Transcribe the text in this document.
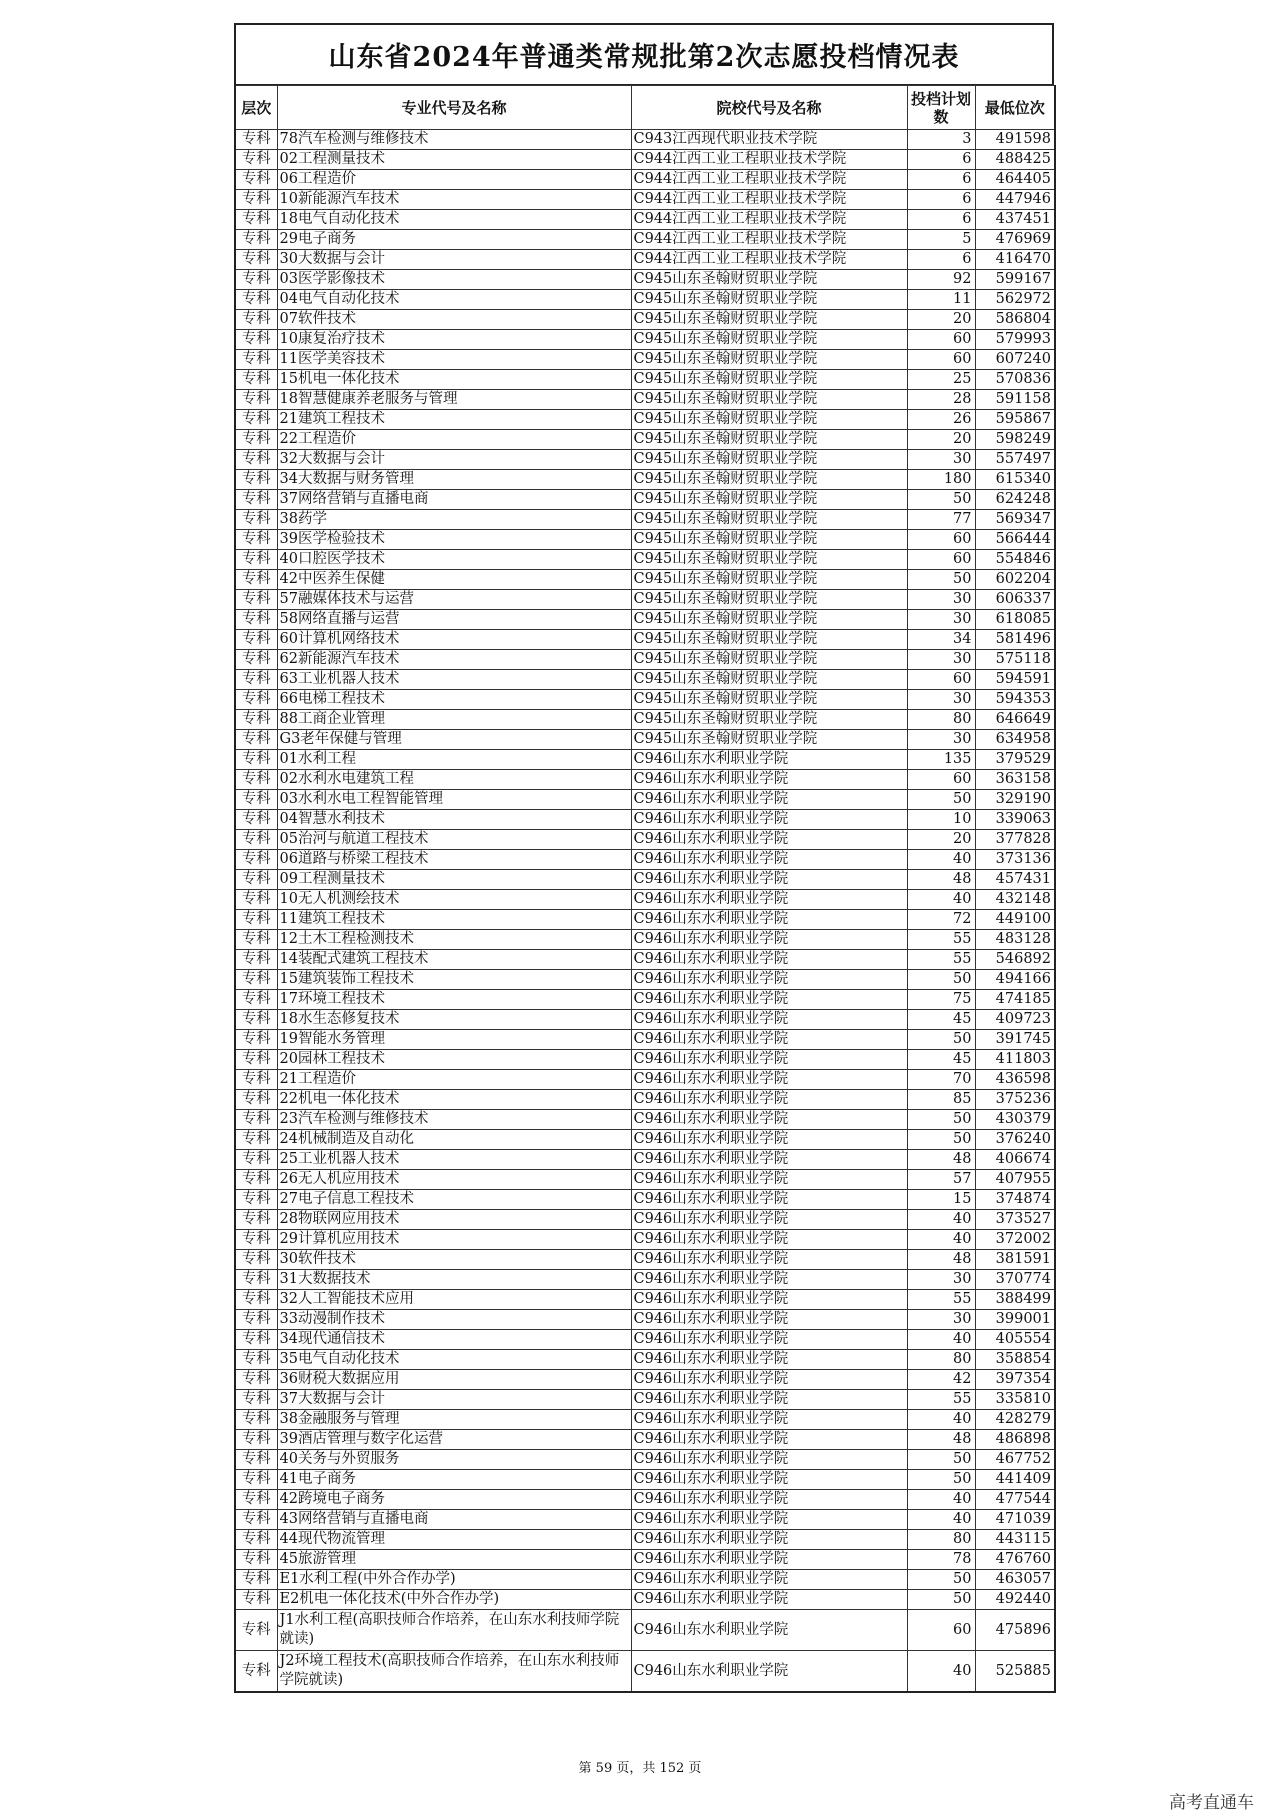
山东省2024年普通类常规批第2次志愿投档情况表
层次	专业代号及名称	院校代号及名称	投档计划数	最低位次
专科	78汽车检测与维修技术	C943江西现代职业技术学院	3	491598
专科	02工程测量技术	C944江西工业工程职业技术学院	6	488425
专科	06工程造价	C944江西工业工程职业技术学院	6	464405
专科	10新能源汽车技术	C944江西工业工程职业技术学院	6	447946
专科	18电气自动化技术	C944江西工业工程职业技术学院	6	437451
专科	29电子商务	C944江西工业工程职业技术学院	5	476969
专科	30大数据与会计	C944江西工业工程职业技术学院	6	416470
专科	03医学影像技术	C945山东圣翰财贸职业学院	92	599167
专科	04电气自动化技术	C945山东圣翰财贸职业学院	11	562972
专科	07软件技术	C945山东圣翰财贸职业学院	20	586804
专科	10康复治疗技术	C945山东圣翰财贸职业学院	60	579993
专科	11医学美容技术	C945山东圣翰财贸职业学院	60	607240
专科	15机电一体化技术	C945山东圣翰财贸职业学院	25	570836
专科	18智慧健康养老服务与管理	C945山东圣翰财贸职业学院	28	591158
专科	21建筑工程技术	C945山东圣翰财贸职业学院	26	595867
专科	22工程造价	C945山东圣翰财贸职业学院	20	598249
专科	32大数据与会计	C945山东圣翰财贸职业学院	30	557497
专科	34大数据与财务管理	C945山东圣翰财贸职业学院	180	615340
专科	37网络营销与直播电商	C945山东圣翰财贸职业学院	50	624248
专科	38药学	C945山东圣翰财贸职业学院	77	569347
专科	39医学检验技术	C945山东圣翰财贸职业学院	60	566444
专科	40口腔医学技术	C945山东圣翰财贸职业学院	60	554846
专科	42中医养生保健	C945山东圣翰财贸职业学院	50	602204
专科	57融媒体技术与运营	C945山东圣翰财贸职业学院	30	606337
专科	58网络直播与运营	C945山东圣翰财贸职业学院	30	618085
专科	60计算机网络技术	C945山东圣翰财贸职业学院	34	581496
专科	62新能源汽车技术	C945山东圣翰财贸职业学院	30	575118
专科	63工业机器人技术	C945山东圣翰财贸职业学院	60	594591
专科	66电梯工程技术	C945山东圣翰财贸职业学院	30	594353
专科	88工商企业管理	C945山东圣翰财贸职业学院	80	646649
专科	G3老年保健与管理	C945山东圣翰财贸职业学院	30	634958
专科	01水利工程	C946山东水利职业学院	135	379529
专科	02水利水电建筑工程	C946山东水利职业学院	60	363158
专科	03水利水电工程智能管理	C946山东水利职业学院	50	329190
专科	04智慧水利技术	C946山东水利职业学院	10	339063
专科	05治河与航道工程技术	C946山东水利职业学院	20	377828
专科	06道路与桥梁工程技术	C946山东水利职业学院	40	373136
专科	09工程测量技术	C946山东水利职业学院	48	457431
专科	10无人机测绘技术	C946山东水利职业学院	40	432148
专科	11建筑工程技术	C946山东水利职业学院	72	449100
专科	12土木工程检测技术	C946山东水利职业学院	55	483128
专科	14装配式建筑工程技术	C946山东水利职业学院	55	546892
专科	15建筑装饰工程技术	C946山东水利职业学院	50	494166
专科	17环境工程技术	C946山东水利职业学院	75	474185
专科	18水生态修复技术	C946山东水利职业学院	45	409723
专科	19智能水务管理	C946山东水利职业学院	50	391745
专科	20园林工程技术	C946山东水利职业学院	45	411803
专科	21工程造价	C946山东水利职业学院	70	436598
专科	22机电一体化技术	C946山东水利职业学院	85	375236
专科	23汽车检测与维修技术	C946山东水利职业学院	50	430379
专科	24机械制造及自动化	C946山东水利职业学院	50	376240
专科	25工业机器人技术	C946山东水利职业学院	48	406674
专科	26无人机应用技术	C946山东水利职业学院	57	407955
专科	27电子信息工程技术	C946山东水利职业学院	15	374874
专科	28物联网应用技术	C946山东水利职业学院	40	373527
专科	29计算机应用技术	C946山东水利职业学院	40	372002
专科	30软件技术	C946山东水利职业学院	48	381591
专科	31大数据技术	C946山东水利职业学院	30	370774
专科	32人工智能技术应用	C946山东水利职业学院	55	388499
专科	33动漫制作技术	C946山东水利职业学院	30	399001
专科	34现代通信技术	C946山东水利职业学院	40	405554
专科	35电气自动化技术	C946山东水利职业学院	80	358854
专科	36财税大数据应用	C946山东水利职业学院	42	397354
专科	37大数据与会计	C946山东水利职业学院	55	335810
专科	38金融服务与管理	C946山东水利职业学院	40	428279
专科	39酒店管理与数字化运营	C946山东水利职业学院	48	486898
专科	40关务与外贸服务	C946山东水利职业学院	50	467752
专科	41电子商务	C946山东水利职业学院	50	441409
专科	42跨境电子商务	C946山东水利职业学院	40	477544
专科	43网络营销与直播电商	C946山东水利职业学院	40	471039
专科	44现代物流管理	C946山东水利职业学院	80	443115
专科	45旅游管理	C946山东水利职业学院	78	476760
专科	E1水利工程(中外合作办学)	C946山东水利职业学院	50	463057
专科	E2机电一体化技术(中外合作办学)	C946山东水利职业学院	50	492440
专科	J1水利工程(高职技师合作培养，在山东水利技师学院就读)	C946山东水利职业学院	60	475896
专科	J2环境工程技术(高职技师合作培养，在山东水利技师学院就读)	C946山东水利职业学院	40	525885
第 59 页，共 152 页
高考直通车
